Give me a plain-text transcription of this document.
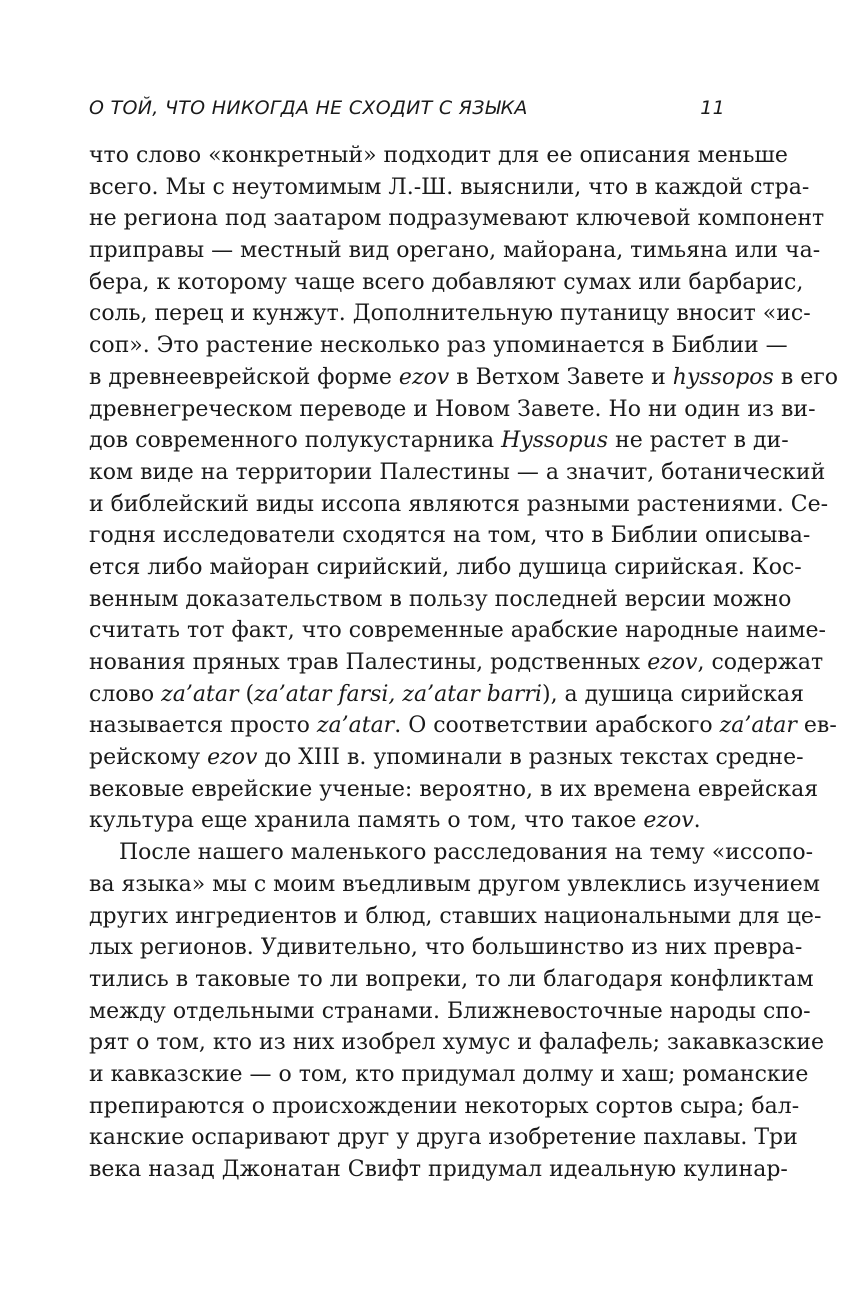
О ТОЙ, ЧТО НИКОГДА НЕ СХОДИТ С ЯЗЫКА	11
что слово «конкретный» подходит для ее описания меньше
всего. Мы с неутомимым Л.-Ш. выяснили, что в каждой стра-
не региона под заатаром подразумевают ключевой компонент
приправы — местный вид орегано, майорана, тимьяна или ча-
бера, к которому чаще всего добавляют сумах или барбарис,
соль, перец и кунжут. Дополнительную путаницу вносит «ис-
соп». Это растение несколько раз упоминается в Библии —
в древнееврейской форме ezov в Ветхом Завете и hyssopos в его
древнегреческом переводе и Новом Завете. Но ни один из ви-
дов современного полукустарника Hyssopus не растет в ди-
ком виде на территории Палестины — а значит, ботанический
и библейский виды иссопа являются разными растениями. Се-
годня исследователи сходятся на том, что в Библии описыва-
ется либо майоран сирийский, либо душица сирийская. Кос-
венным доказательством в пользу последней версии можно
считать тот факт, что современные арабские народные наиме-
нования пряных трав Палестины, родственных ezov, содержат
слово za’atar (za’atar farsi, za’atar barri), а душица сирийская
называется просто za’atar. О соответствии арабского za’atar ев-
рейскому ezov до XIII в. упоминали в разных текстах средне-
вековые еврейские ученые: вероятно, в их времена еврейская
культура еще хранила память о том, что такое ezov.
После нашего маленького расследования на тему «иссопо-
ва языка» мы с моим въедливым другом увлеклись изучением
других ингредиентов и блюд, ставших национальными для це-
лых регионов. Удивительно, что большинство из них превра-
тились в таковые то ли вопреки, то ли благодаря конфликтам
между отдельными странами. Ближневосточные народы спо-
рят о том, кто из них изобрел хумус и фалафель; закавказские
и кавказские — о том, кто придумал долму и хаш; романские
препираются о происхождении некоторых сортов сыра; бал-
канские оспаривают друг у друга изобретение пахлавы. Три
века назад Джонатан Свифт придумал идеальную кулинар-
